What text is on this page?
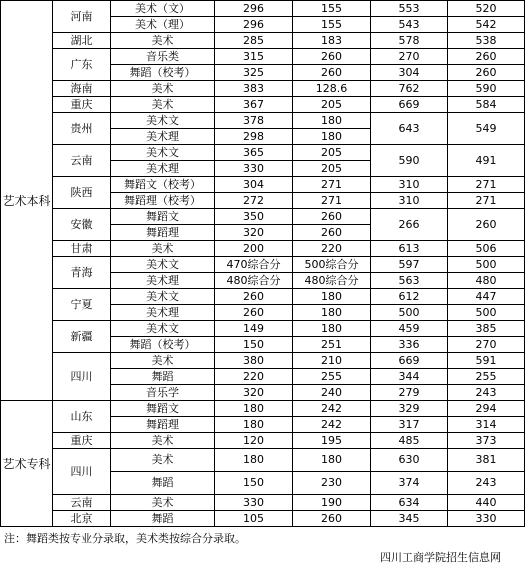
艺术本科	河南	美术（文）	296	155	553	520
		美术（理）	296	155	543	542
	湖北	美术	285	183	578	538
	广东	音乐类	315	260	270	260
		舞蹈（校考）	325	260	304	260
	海南	美术	383	128.6	762	590
	重庆	美术	367	205	669	584
	贵州	美术文	378	180	643	549
		美术理	298	180		
	云南	美术文	365	205	590	491
		美术理	330	205		
	陕西	舞蹈文（校考）	304	271	310	271
		舞蹈理（校考）	272	271	310	271
	安徽	舞蹈文	350	260	266	260
		舞蹈理	320	260		
	甘肃	美术	200	220	613	506
	青海	美术文	470综合分	500综合分	597	500
		美术理	480综合分	480综合分	563	480
	宁夏	美术文	260	180	612	447
		美术理	260	180	500	500
	新疆	美术文	149	180	459	385
		舞蹈（校考）	150	251	336	270
	四川	美术	380	210	669	591
		舞蹈	220	255	344	255
		音乐学	320	240	279	243
艺术专科	山东	舞蹈文	180	242	329	294
		舞蹈理	180	242	317	314
	重庆	美术	120	195	485	373
	四川	美术	180	180	630	381
		舞蹈	150	230	374	243
	云南	美术	330	190	634	440
	北京	舞蹈	105	260	345	330
注：舞蹈类按专业分录取，美术类按综合分录取。
四川工商学院招生信息网
